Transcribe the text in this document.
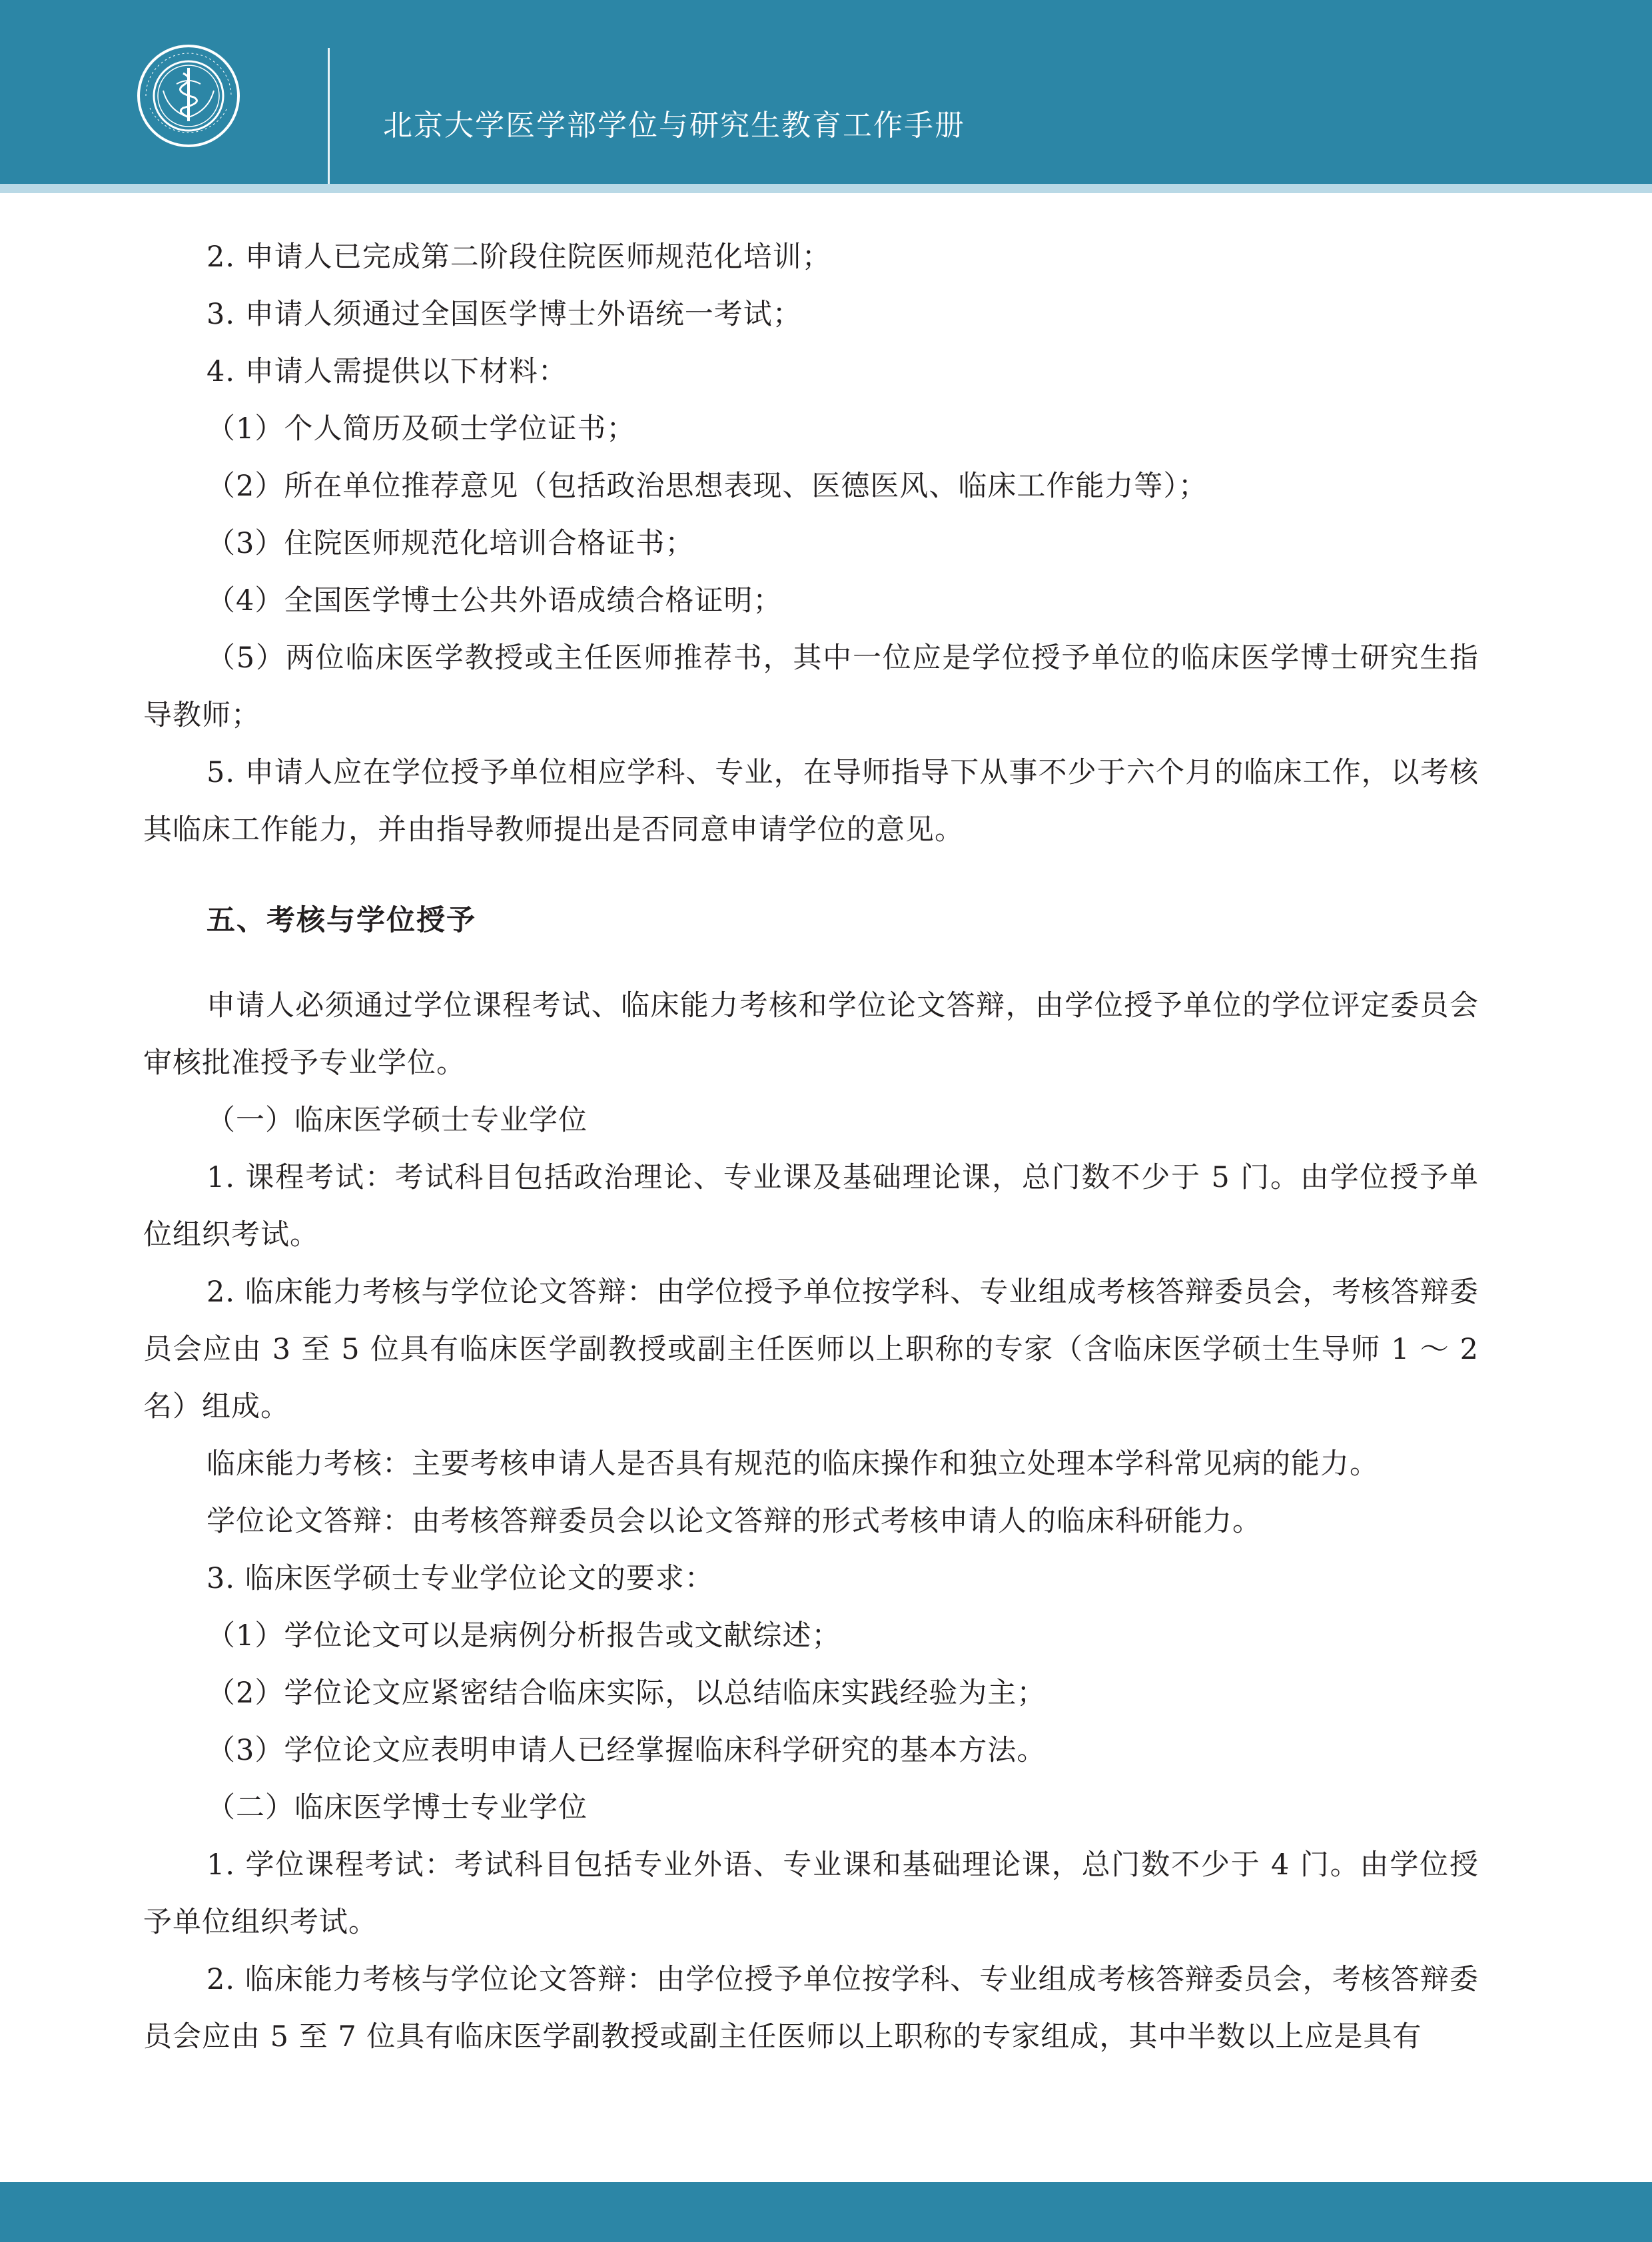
北京大学医学部学位与研究生教育工作手册

2. 申请人已完成第二阶段住院医师规范化培训；

3. 申请人须通过全国医学博士外语统一考试；

4. 申请人需提供以下材料：

（1）个人简历及硕士学位证书；

（2）所在单位推荐意见（包括政治思想表现、医德医风、临床工作能力等）；

（3）住院医师规范化培训合格证书；

（4）全国医学博士公共外语成绩合格证明；

（5）两位临床医学教授或主任医师推荐书，其中一位应是学位授予单位的临床医学博士研究生指导教师；

5. 申请人应在学位授予单位相应学科、专业，在导师指导下从事不少于六个月的临床工作，以考核其临床工作能力，并由指导教师提出是否同意申请学位的意见。

五、考核与学位授予

申请人必须通过学位课程考试、临床能力考核和学位论文答辩，由学位授予单位的学位评定委员会审核批准授予专业学位。

（一）临床医学硕士专业学位

1. 课程考试：考试科目包括政治理论、专业课及基础理论课，总门数不少于 5 门。由学位授予单位组织考试。

2. 临床能力考核与学位论文答辩：由学位授予单位按学科、专业组成考核答辩委员会，考核答辩委员会应由 3 至 5 位具有临床医学副教授或副主任医师以上职称的专家（含临床医学硕士生导师 1 ～ 2 名）组成。

临床能力考核：主要考核申请人是否具有规范的临床操作和独立处理本学科常见病的能力。

学位论文答辩：由考核答辩委员会以论文答辩的形式考核申请人的临床科研能力。

3. 临床医学硕士专业学位论文的要求：

（1）学位论文可以是病例分析报告或文献综述；

（2）学位论文应紧密结合临床实际，以总结临床实践经验为主；

（3）学位论文应表明申请人已经掌握临床科学研究的基本方法。

（二）临床医学博士专业学位

1. 学位课程考试：考试科目包括专业外语、专业课和基础理论课，总门数不少于 4 门。由学位授予单位组织考试。

2. 临床能力考核与学位论文答辩：由学位授予单位按学科、专业组成考核答辩委员会，考核答辩委员会应由 5 至 7 位具有临床医学副教授或副主任医师以上职称的专家组成，其中半数以上应是具有
